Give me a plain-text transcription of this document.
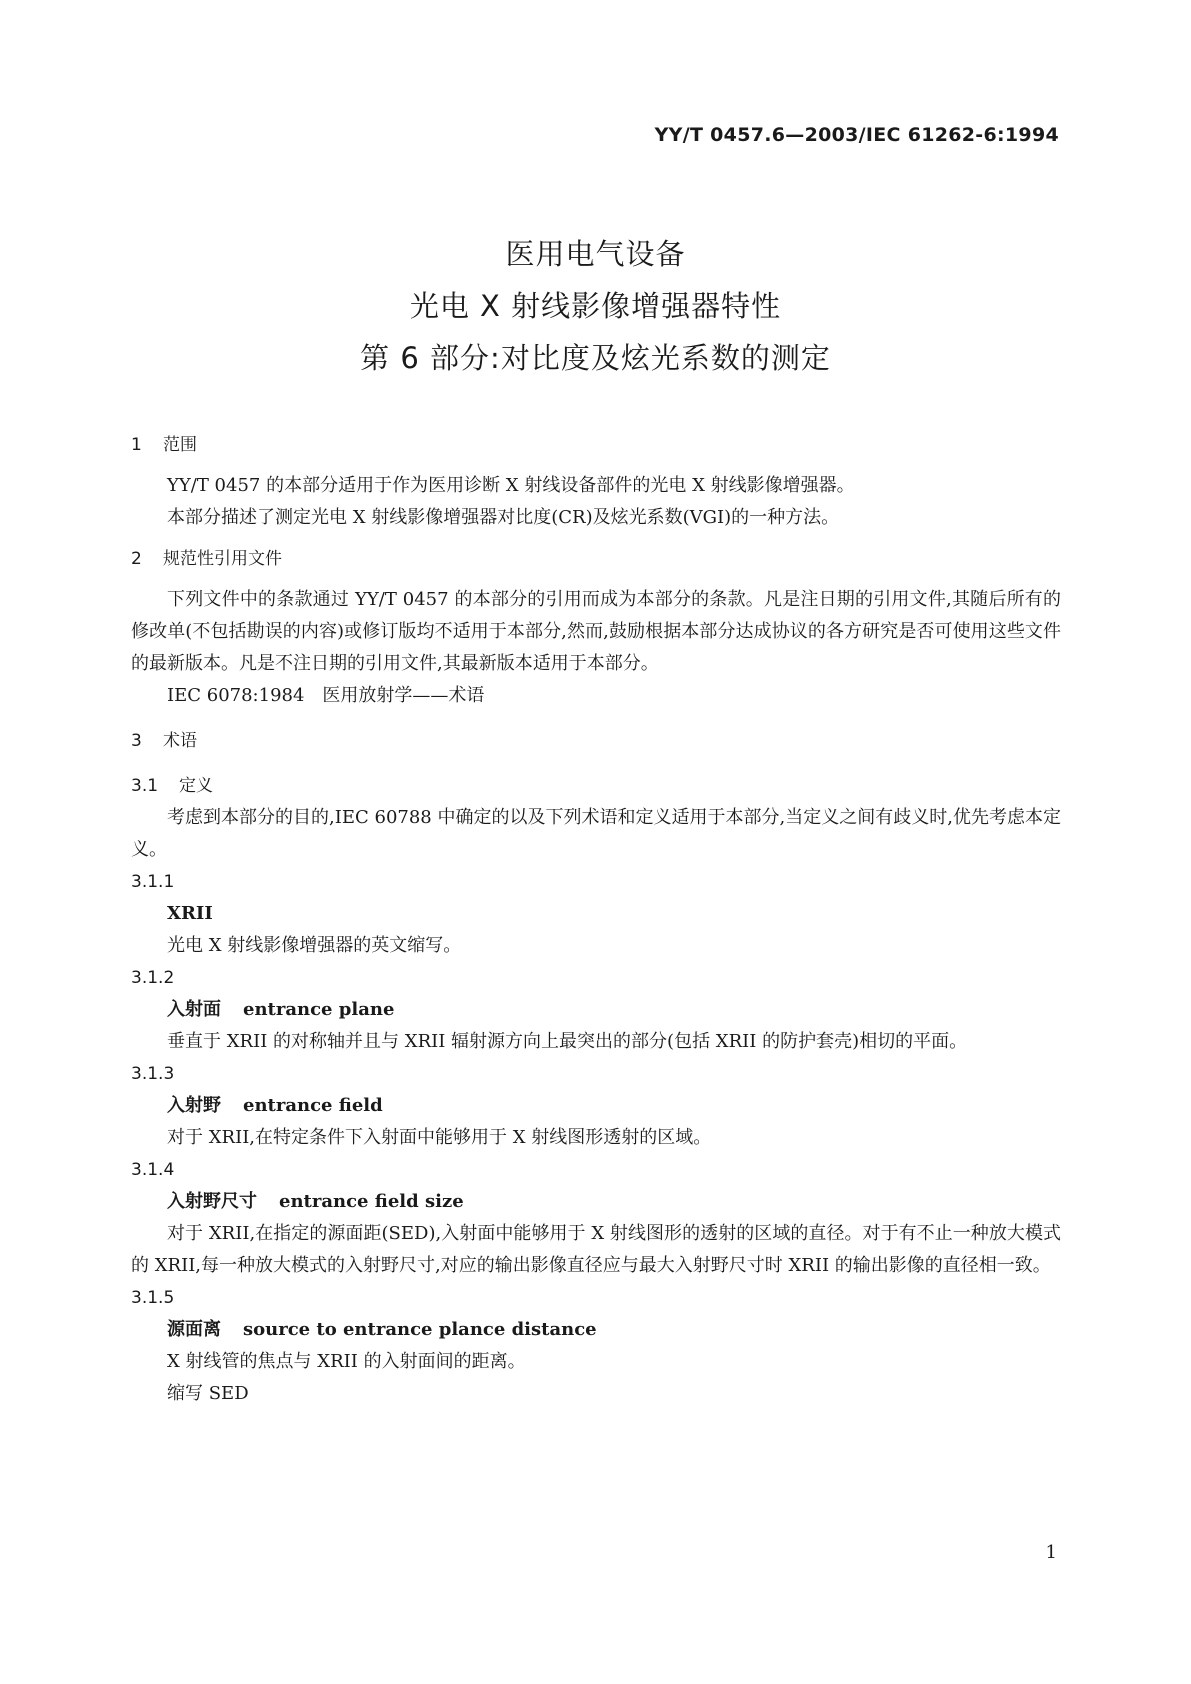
YY/T 0457.6—2003/IEC 61262-6:1994
医用电气设备
光电 X 射线影像增强器特性
第 6 部分:对比度及炫光系数的测定
1 范围
YY/T 0457 的本部分适用于作为医用诊断 X 射线设备部件的光电 X 射线影像增强器。
本部分描述了测定光电 X 射线影像增强器对比度(CR)及炫光系数(VGI)的一种方法。
2 规范性引用文件
下列文件中的条款通过 YY/T 0457 的本部分的引用而成为本部分的条款。凡是注日期的引用文件,其随后所有的修改单(不包括勘误的内容)或修订版均不适用于本部分,然而,鼓励根据本部分达成协议的各方研究是否可使用这些文件的最新版本。凡是不注日期的引用文件,其最新版本适用于本部分。
IEC 6078:1984　医用放射学——术语
3 术语
3.1 定义
考虑到本部分的目的,IEC 60788 中确定的以及下列术语和定义适用于本部分,当定义之间有歧义时,优先考虑本定义。
3.1.1
XRII
光电 X 射线影像增强器的英文缩写。
3.1.2
入射面 entrance plane
垂直于 XRII 的对称轴并且与 XRII 辐射源方向上最突出的部分(包括 XRII 的防护套壳)相切的平面。
3.1.3
入射野 entrance field
对于 XRII,在特定条件下入射面中能够用于 X 射线图形透射的区域。
3.1.4
入射野尺寸 entrance field size
对于 XRII,在指定的源面距(SED),入射面中能够用于 X 射线图形的透射的区域的直径。对于有不止一种放大模式的 XRII,每一种放大模式的入射野尺寸,对应的输出影像直径应与最大入射野尺寸时 XRII 的输出影像的直径相一致。
3.1.5
源面离 source to entrance plance distance
X 射线管的焦点与 XRII 的入射面间的距离。
缩写 SED
1
